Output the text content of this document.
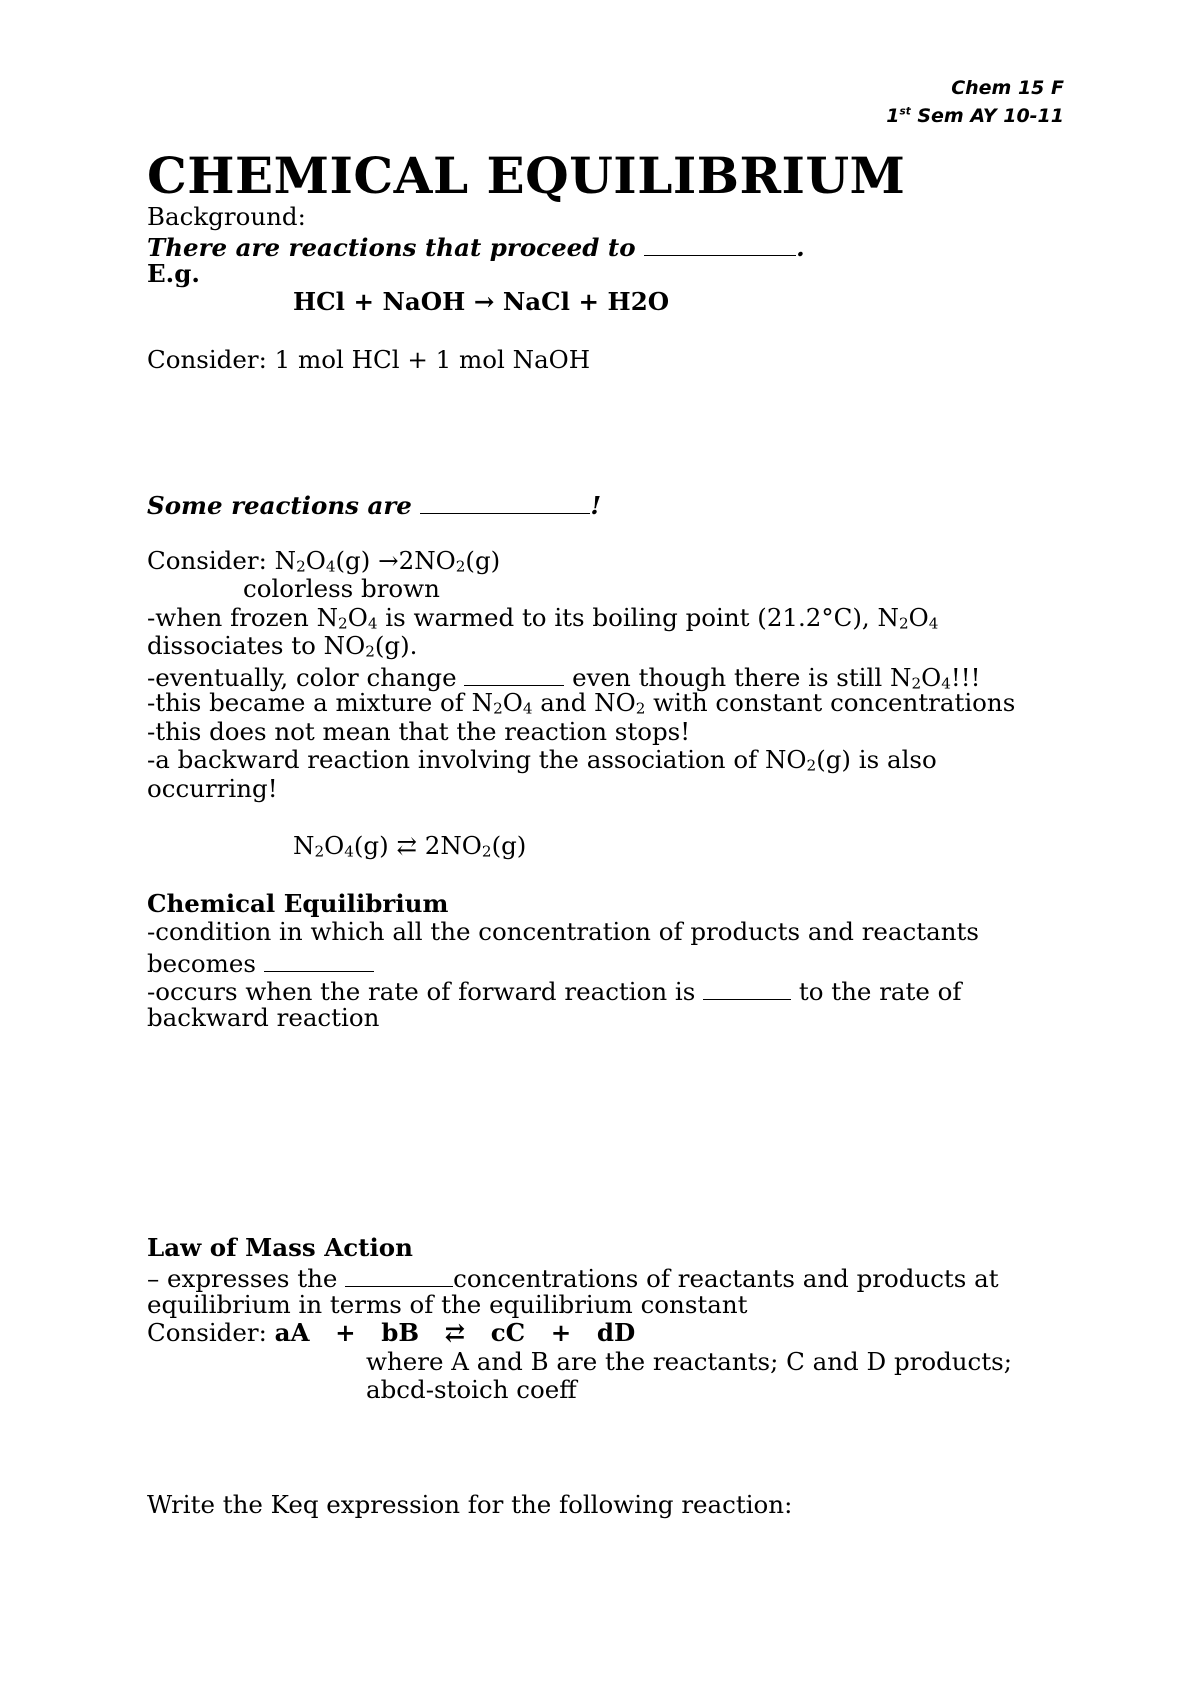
Chem 15 F
1st Sem AY 10-11
CHEMICAL EQUILIBRIUM
Background:
There are reactions that proceed to	.
E.g.
HCl + NaOH → NaCl + H2O
Consider: 1 mol HCl + 1 mol NaOH
Some reactions are	!
Consider: $N_2O_4(g) \to 2NO_2(g)$
colorless brown
-when frozen $N_2O_4$ is warmed to its boiling point (21.2°C), $N_2O_4$
dissociates to $NO_2(g)$.
-eventually, color change	even though there is still $N_2O_4$!!!
-this became a mixture of $N_2O_4$ and $NO_2$ with constant concentrations
-this does not mean that the reaction stops!
-a backward reaction involving the association of $NO_2(g)$ is also
occurring!
$N_2O_4(g)$ ⇄ $2NO_2(g)$
Chemical Equilibrium
-condition in which all the concentration of products and reactants
becomes
-occurs when the rate of forward reaction is	to the rate of
backward reaction
Law of Mass Action
– expresses the	concentrations of reactants and products at
equilibrium in terms of the equilibrium constant
Consider: aA   +   bB   ⇄   cC   +   dD
where A and B are the reactants; C and D products;
abcd-stoich coeff
Write the Keq expression for the following reaction:
